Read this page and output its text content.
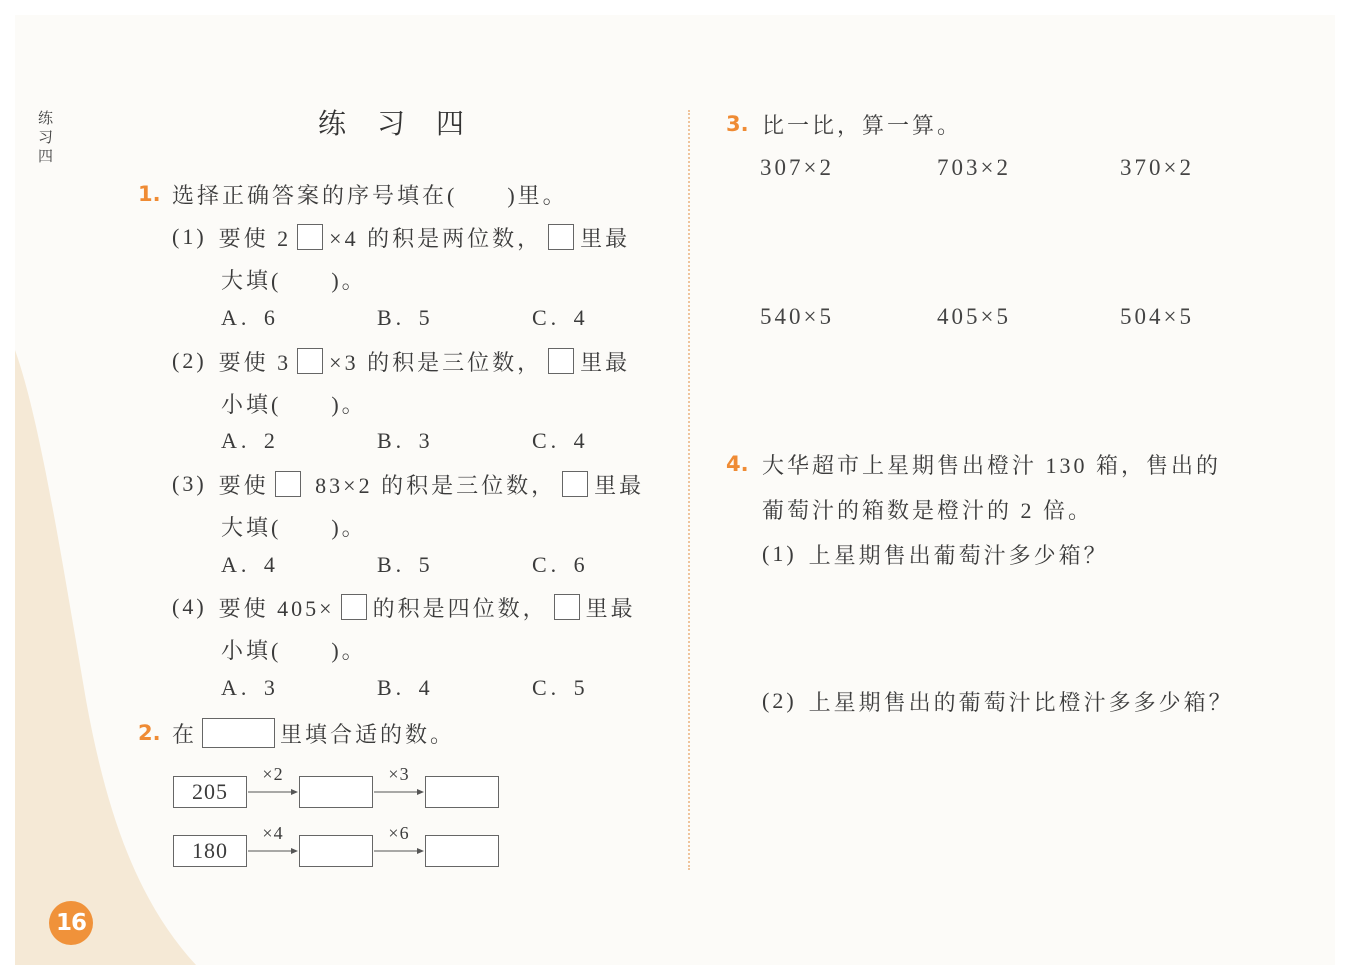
16
练习四	练 习 四
1. 选择正确答案的序号填在(　　)里。
(1) 要使 2 ×4 的积是两位数， 里最
大填(　　)。
A. 6	B. 5	C. 4
(2) 要使 3 ×3 的积是三位数， 里最
小填(　　)。
A. 2	B. 3	C. 4
(3) 要使 83×2 的积是三位数， 里最
大填(　　)。
A. 4	B. 5	C. 6
(4) 要使 405× 的积是四位数， 里最
小填(　　)。
A. 3	B. 4	C. 5
2. 在	里填合适的数。
205
×2	×3
180
×4	×6
3. 比一比，算一算。
307×2	703×2	370×2
540×5	405×5	504×5
4. 大华超市上星期售出橙汁 130 箱，售出的
葡萄汁的箱数是橙汁的 2 倍。
(1) 上星期售出葡萄汁多少箱？
(2) 上星期售出的葡萄汁比橙汁多多少箱？
